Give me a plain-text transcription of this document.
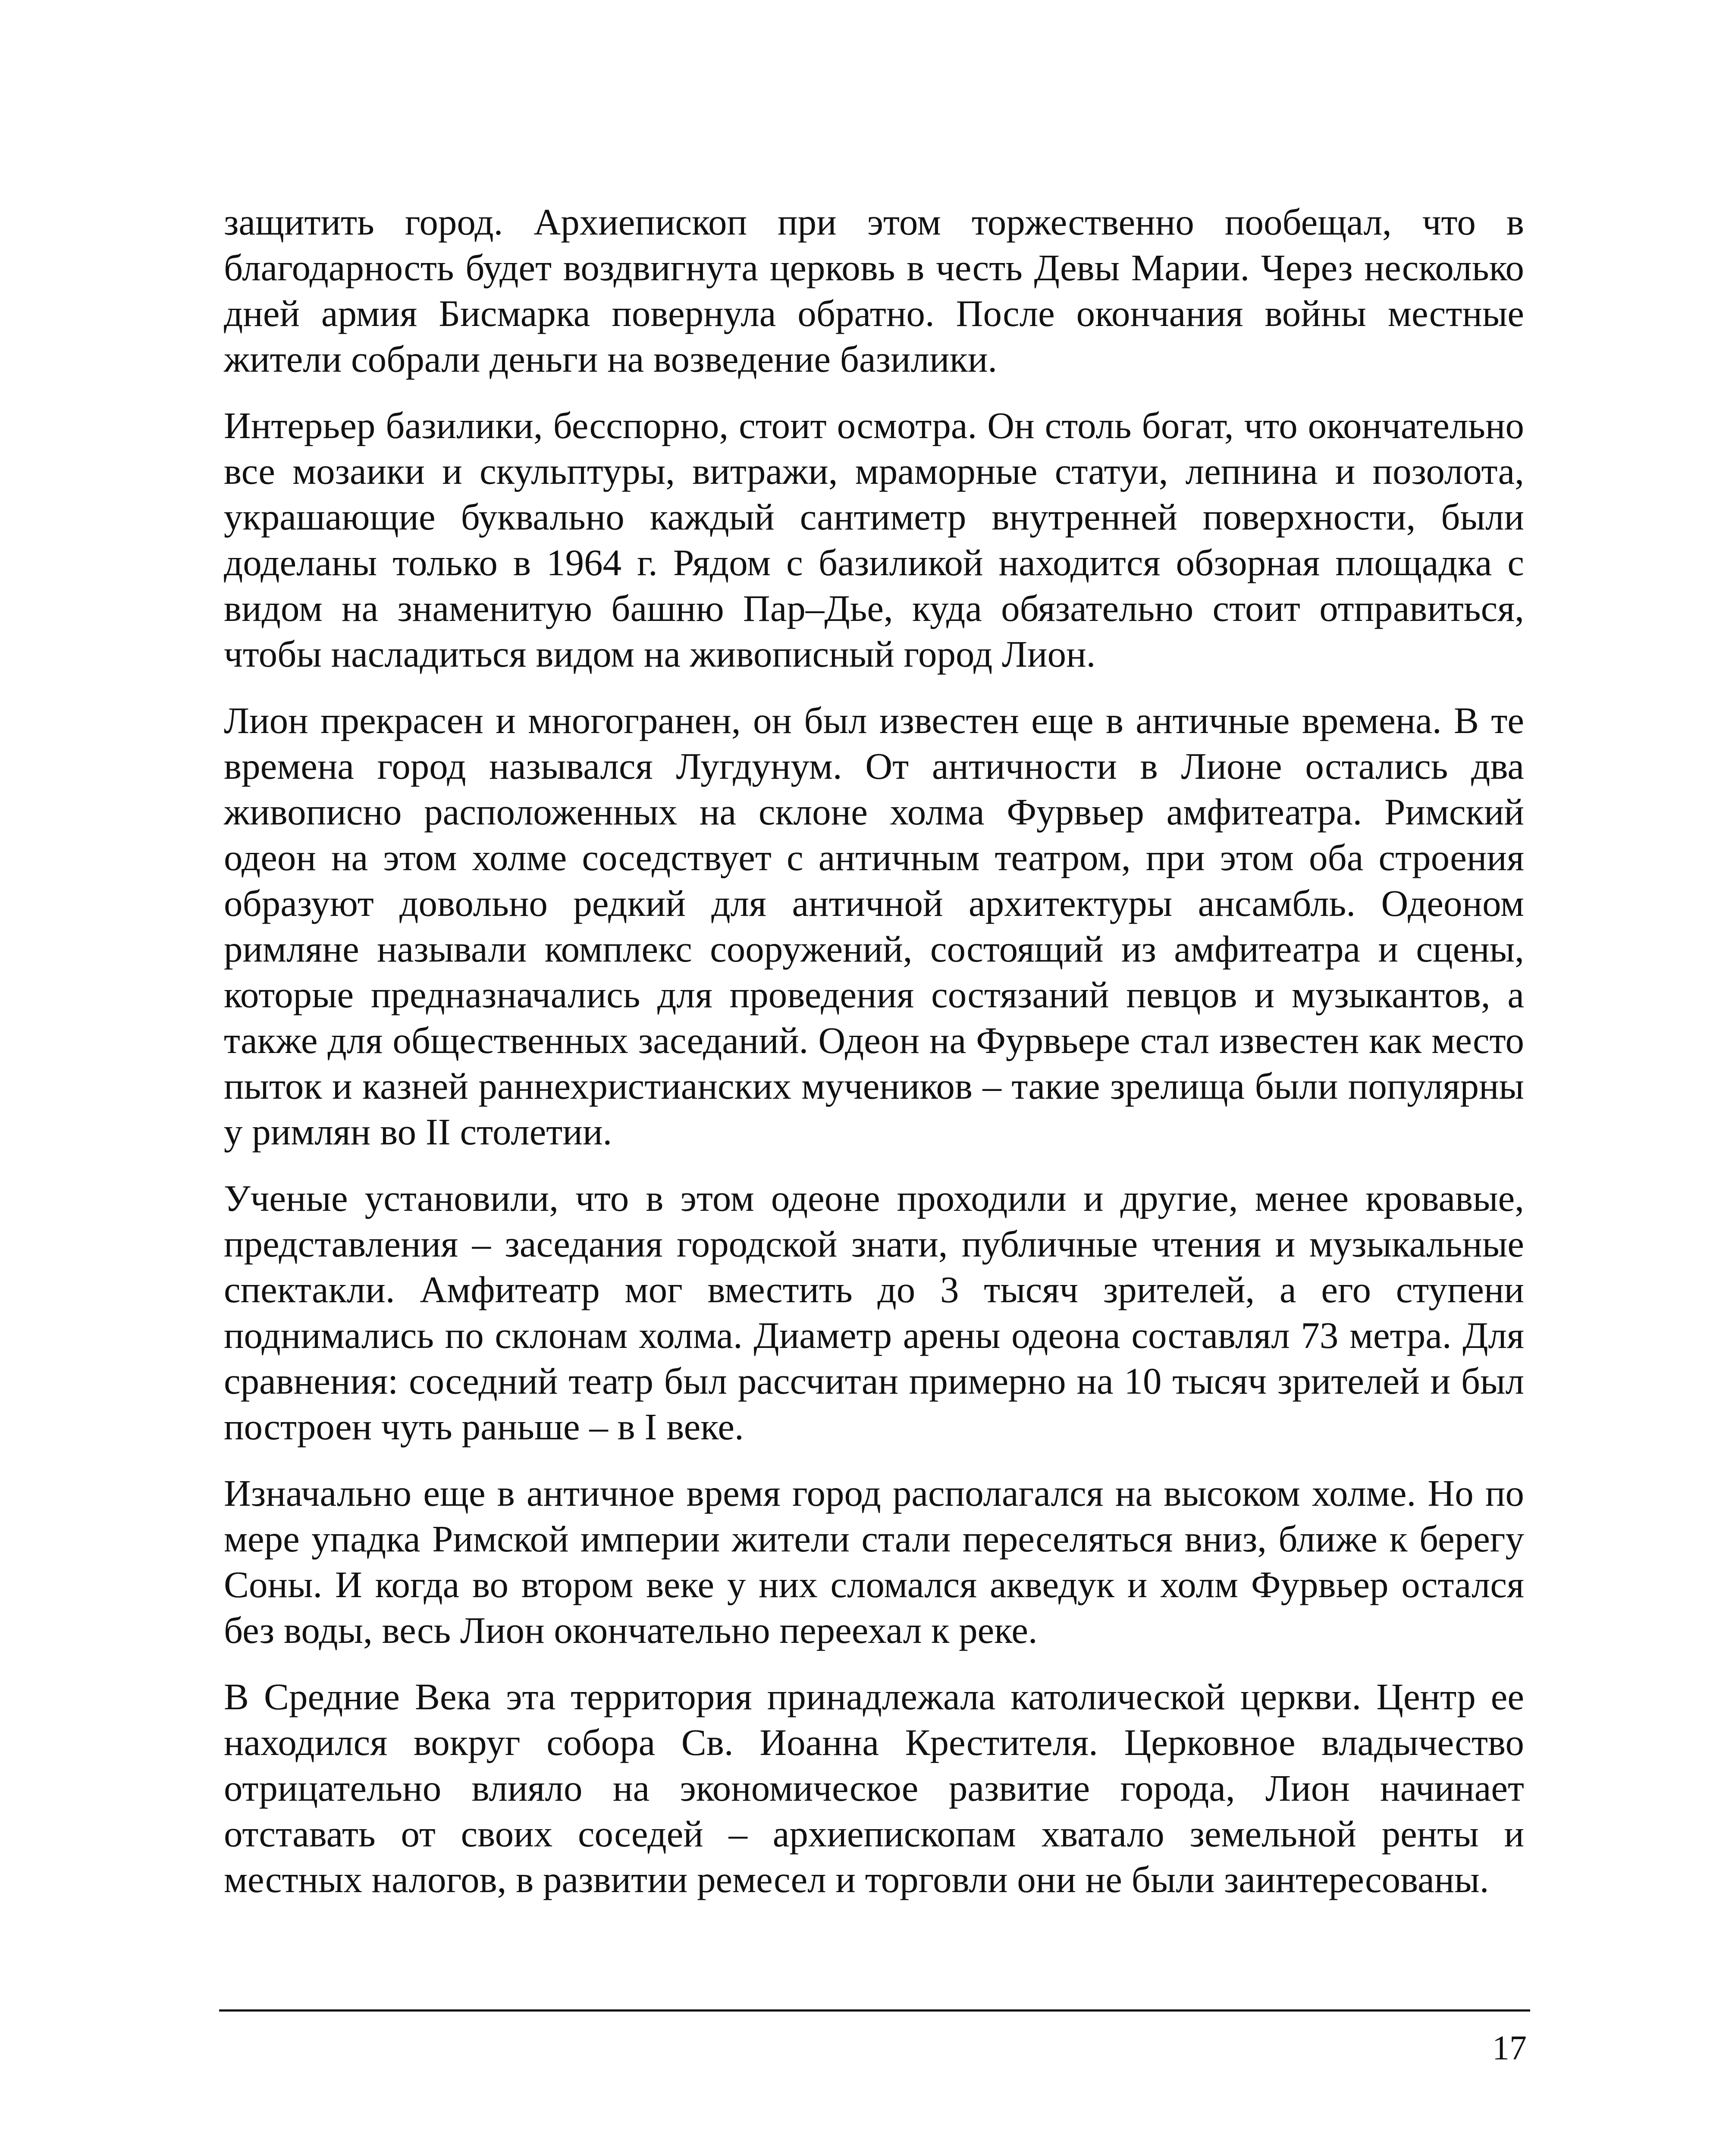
защитить город. Архиепископ при этом торжественно пообещал, что в благодарность будет воздвигнута церковь в честь Девы Марии. Через несколько дней армия Бисмарка повернула обратно. После окончания войны местные жители собрали деньги на возведение базилики.

Интерьер базилики, бесспорно, стоит осмотра. Он столь богат, что окончательно все мозаики и скульптуры, витражи, мраморные статуи, лепнина и позолота, украшающие буквально каждый сантиметр внутренней поверхности, были доделаны только в 1964 г. Рядом с базиликой находится обзорная площадка с видом на знаменитую башню Пар–Дье, куда обязательно стоит отправиться, чтобы насладиться видом на живописный город Лион.

Лион прекрасен и многогранен, он был известен еще в античные времена. В те времена город назывался Лугдунум. От античности в Лионе остались два живописно расположенных на склоне холма Фурвьер амфитеатра. Римский одеон на этом холме соседствует с античным театром, при этом оба строения образуют довольно редкий для античной архитектуры ансамбль. Одеоном римляне называли комплекс сооружений, состоящий из амфитеатра и сцены, которые предназначались для проведения состязаний певцов и музыкантов, а также для общественных заседаний. Одеон на Фурвьере стал известен как место пыток и казней раннехристианских мучеников – такие зрелища были популярны у римлян во II столетии.

Ученые установили, что в этом одеоне проходили и другие, менее кровавые, представления – заседания городской знати, публичные чтения и музыкальные спектакли. Амфитеатр мог вместить до 3 тысяч зрителей, а его ступени поднимались по склонам холма. Диаметр арены одеона составлял 73 метра. Для сравнения: соседний театр был рассчитан примерно на 10 тысяч зрителей и был построен чуть раньше – в I веке.

Изначально еще в античное время город располагался на высоком холме. Но по мере упадка Римской империи жители стали переселяться вниз, ближе к берегу Соны. И когда во втором веке у них сломался акведук и холм Фурвьер остался без воды, весь Лион окончательно переехал к реке.

В Средние Века эта территория принадлежала католической церкви. Центр ее находился вокруг собора Св. Иоанна Крестителя. Церковное владычество отрицательно влияло на экономическое развитие города, Лион начинает отставать от своих соседей – архиепископам хватало земельной ренты и местных налогов, в развитии ремесел и торговли они не были заинтересованы.

17
